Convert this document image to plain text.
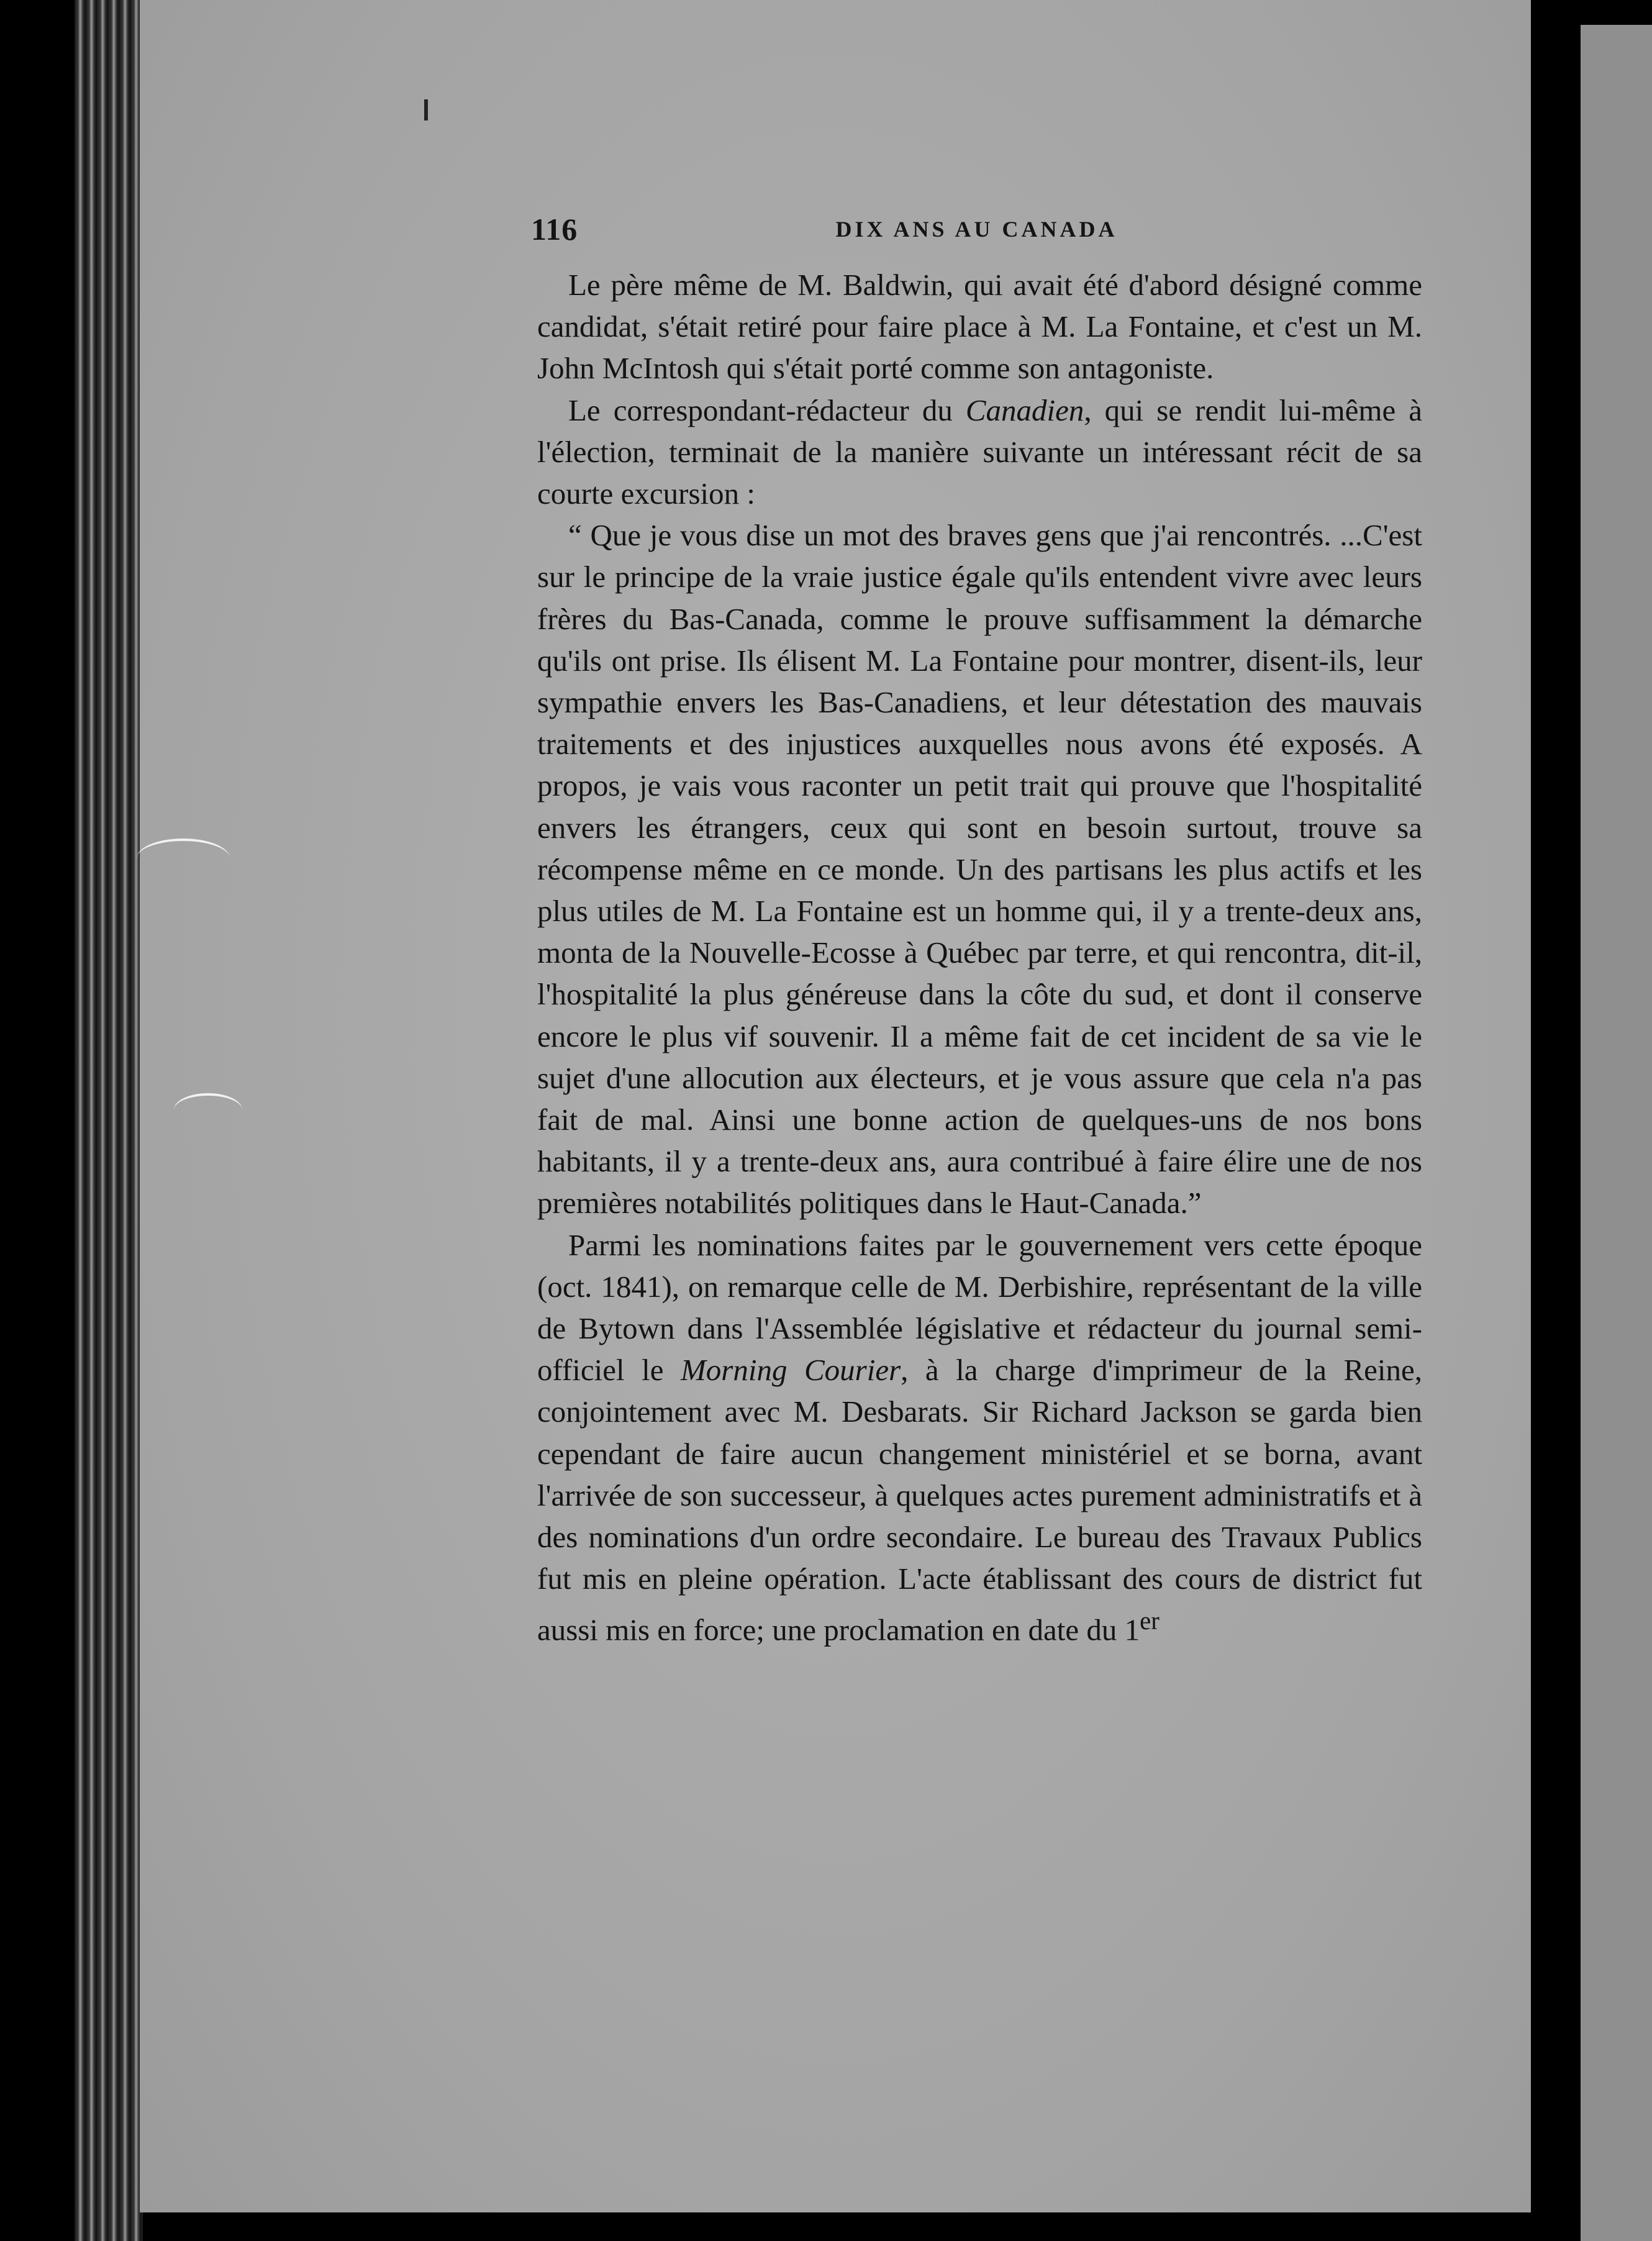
116	DIX ANS AU CANADA

Le père même de M. Baldwin, qui avait été d'abord désigné comme candidat, s'était retiré pour faire place à M. La Fontaine, et c'est un M. John McIntosh qui s'était porté comme son antagoniste.

Le correspondant-rédacteur du Canadien, qui se rendit lui-même à l'élection, terminait de la manière suivante un intéressant récit de sa courte excursion :

“ Que je vous dise un mot des braves gens que j'ai rencontrés. ...C'est sur le principe de la vraie justice égale qu'ils entendent vivre avec leurs frères du Bas-Canada, comme le prouve suffisamment la démarche qu'ils ont prise. Ils élisent M. La Fontaine pour montrer, disent-ils, leur sympathie envers les Bas-Canadiens, et leur détestation des mauvais traitements et des injustices auxquelles nous avons été exposés. A propos, je vais vous raconter un petit trait qui prouve que l'hospitalité envers les étrangers, ceux qui sont en besoin surtout, trouve sa récompense même en ce monde. Un des partisans les plus actifs et les plus utiles de M. La Fontaine est un homme qui, il y a trente-deux ans, monta de la Nouvelle-Ecosse à Québec par terre, et qui rencontra, dit-il, l'hospitalité la plus généreuse dans la côte du sud, et dont il conserve encore le plus vif souvenir. Il a même fait de cet incident de sa vie le sujet d'une allocution aux électeurs, et je vous assure que cela n'a pas fait de mal. Ainsi une bonne action de quelques-uns de nos bons habitants, il y a trente-deux ans, aura contribué à faire élire une de nos premières notabilités politiques dans le Haut-Canada.”

Parmi les nominations faites par le gouvernement vers cette époque (oct. 1841), on remarque celle de M. Derbishire, représentant de la ville de Bytown dans l'Assemblée législative et rédacteur du journal semi-officiel le Morning Courier, à la charge d'imprimeur de la Reine, conjointement avec M. Desbarats. Sir Richard Jackson se garda bien cependant de faire aucun changement ministériel et se borna, avant l'arrivée de son successeur, à quelques actes purement administratifs et à des nominations d'un ordre secondaire. Le bureau des Travaux Publics fut mis en pleine opération. L'acte établissant des cours de district fut aussi mis en force; une proclamation en date du 1er
